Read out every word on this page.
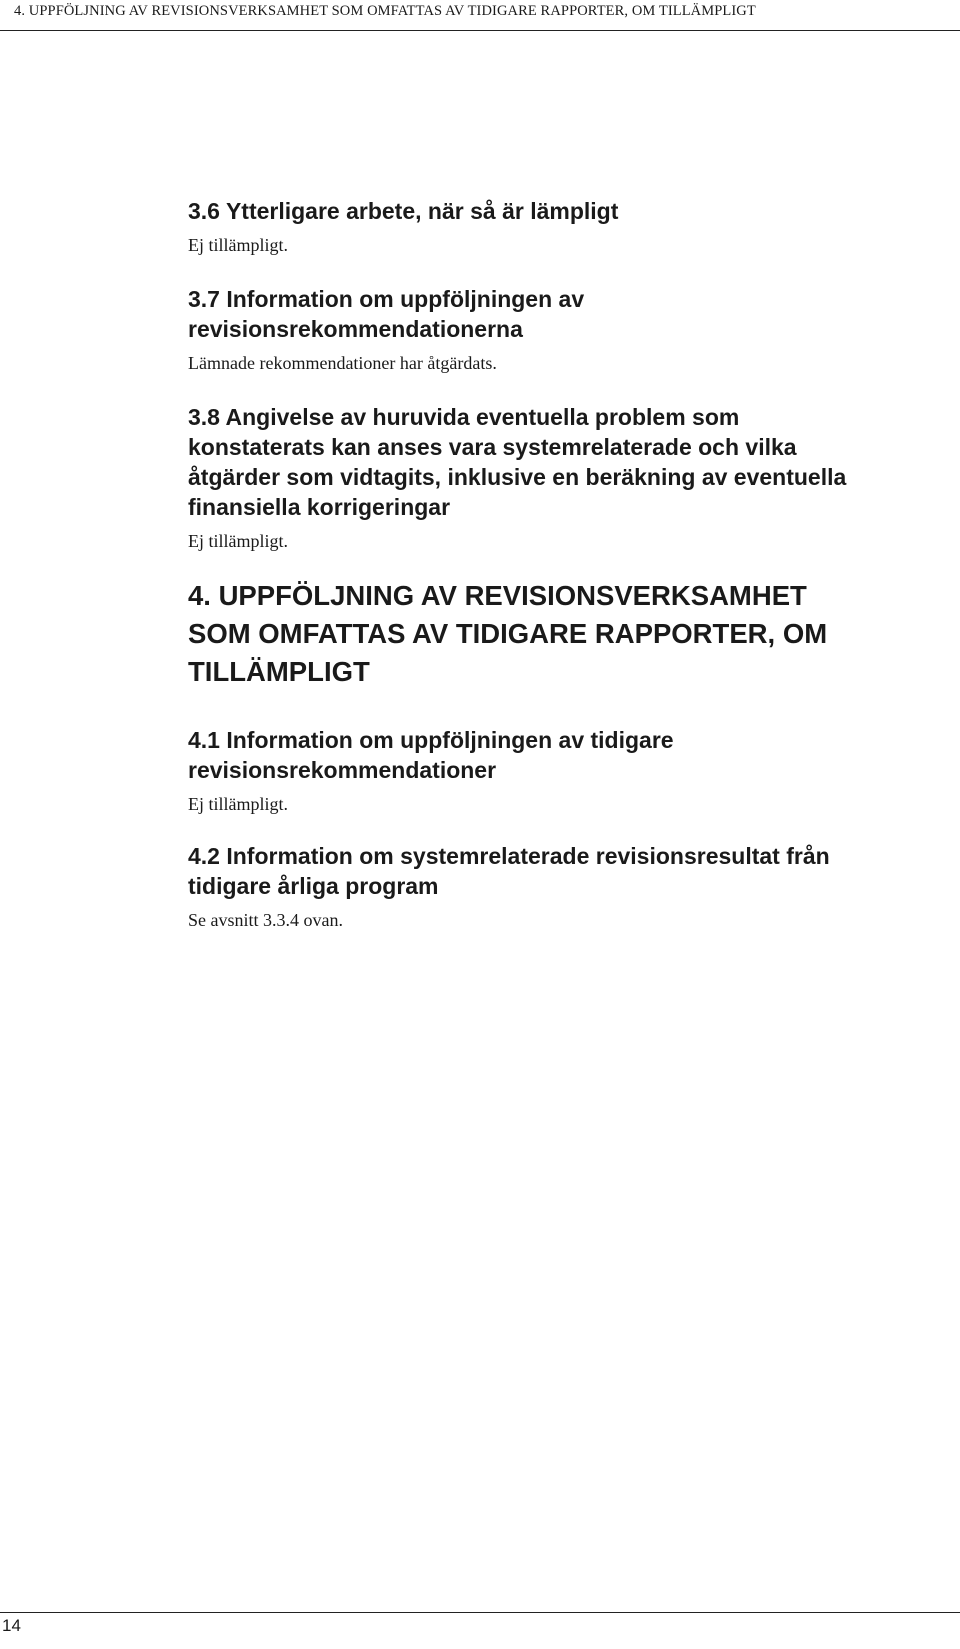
4. UPPFÖLJNING AV REVISIONSVERKSAMHET SOM OMFATTAS AV TIDIGARE RAPPORTER, OM TILLÄMPLIGT
3.6 Ytterligare arbete, när så är lämpligt
Ej tillämpligt.
3.7 Information om uppföljningen av
revisionsrekommendationerna
Lämnade rekommendationer har åtgärdats.
3.8 Angivelse av huruvida eventuella problem som
konstaterats kan anses vara systemrelaterade och vilka
åtgärder som vidtagits, inklusive en beräkning av eventuella
finansiella korrigeringar
Ej tillämpligt.
4. UPPFÖLJNING AV REVISIONSVERKSAMHET
SOM OMFATTAS AV TIDIGARE RAPPORTER, OM
TILLÄMPLIGT
4.1 Information om uppföljningen av tidigare
revisionsrekommendationer
Ej tillämpligt.
4.2 Information om systemrelaterade revisionsresultat från
tidigare årliga program
Se avsnitt 3.3.4 ovan.
14
